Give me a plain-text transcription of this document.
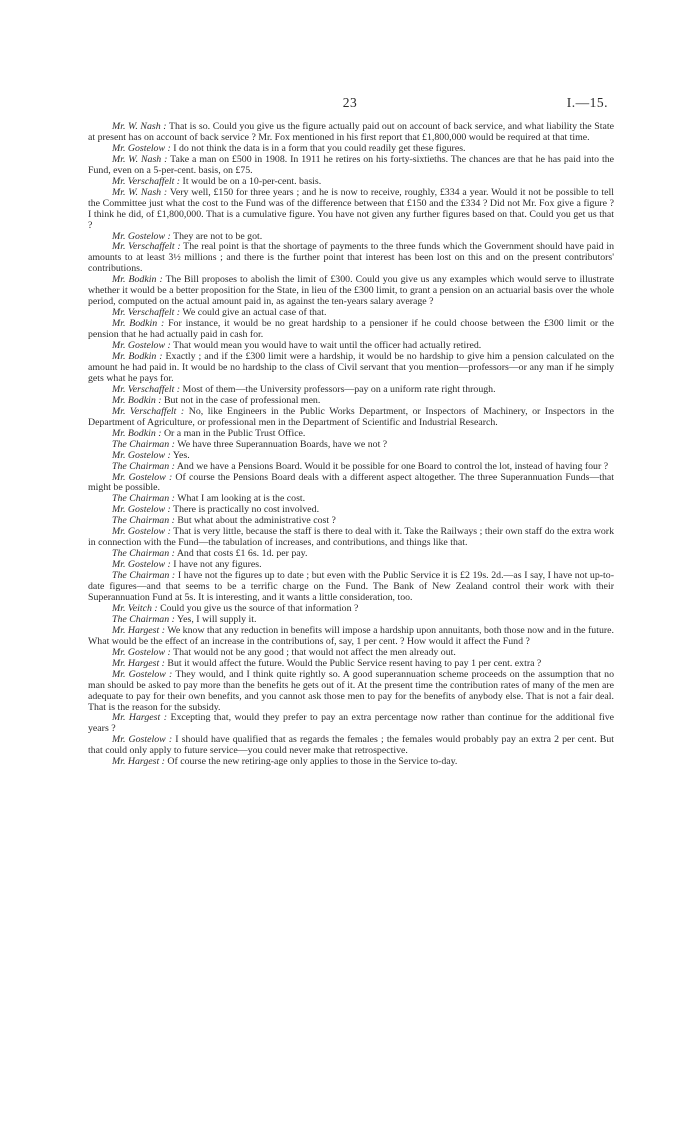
23	I.—15.

Mr. W. Nash : That is so. Could you give us the figure actually paid out on account of back service, and what liability the State at present has on account of back service ? Mr. Fox mentioned in his first report that £1,800,000 would be required at that time.

Mr. Gostelow : I do not think the data is in a form that you could readily get these figures.

Mr. W. Nash : Take a man on £500 in 1908. In 1911 he retires on his forty-sixtieths. The chances are that he has paid into the Fund, even on a 5-per-cent. basis, on £75.

Mr. Verschaffelt : It would be on a 10-per-cent. basis.

Mr. W. Nash : Very well, £150 for three years ; and he is now to receive, roughly, £334 a year. Would it not be possible to tell the Committee just what the cost to the Fund was of the difference between that £150 and the £334 ? Did not Mr. Fox give a figure ? I think he did, of £1,800,000. That is a cumulative figure. You have not given any further figures based on that. Could you get us that ?

Mr. Gostelow : They are not to be got.

Mr. Verschaffelt : The real point is that the shortage of payments to the three funds which the Government should have paid in amounts to at least 3½ millions ; and there is the further point that interest has been lost on this and on the present contributors' contributions.

Mr. Bodkin : The Bill proposes to abolish the limit of £300. Could you give us any examples which would serve to illustrate whether it would be a better proposition for the State, in lieu of the £300 limit, to grant a pension on an actuarial basis over the whole period, computed on the actual amount paid in, as against the ten-years salary average ?

Mr. Verschaffelt : We could give an actual case of that.

Mr. Bodkin : For instance, it would be no great hardship to a pensioner if he could choose between the £300 limit or the pension that he had actually paid in cash for.

Mr. Gostelow : That would mean you would have to wait until the officer had actually retired.

Mr. Bodkin : Exactly ; and if the £300 limit were a hardship, it would be no hardship to give him a pension calculated on the amount he had paid in. It would be no hardship to the class of Civil servant that you mention—professors—or any man if he simply gets what he pays for.

Mr. Verschaffelt : Most of them—the University professors—pay on a uniform rate right through.

Mr. Bodkin : But not in the case of professional men.

Mr. Verschaffelt : No, like Engineers in the Public Works Department, or Inspectors of Machinery, or Inspectors in the Department of Agriculture, or professional men in the Department of Scientific and Industrial Research.

Mr. Bodkin : Or a man in the Public Trust Office.

The Chairman : We have three Superannuation Boards, have we not ?

Mr. Gostelow : Yes.

The Chairman : And we have a Pensions Board. Would it be possible for one Board to control the lot, instead of having four ?

Mr. Gostelow : Of course the Pensions Board deals with a different aspect altogether. The three Superannuation Funds—that might be possible.

The Chairman : What I am looking at is the cost.

Mr. Gostelow : There is practically no cost involved.

The Chairman : But what about the administrative cost ?

Mr. Gostelow : That is very little, because the staff is there to deal with it. Take the Railways ; their own staff do the extra work in connection with the Fund—the tabulation of increases, and contributions, and things like that.

The Chairman : And that costs £1 6s. 1d. per pay.

Mr. Gostelow : I have not any figures.

The Chairman : I have not the figures up to date ; but even with the Public Service it is £2 19s. 2d.—as I say, I have not up-to-date figures—and that seems to be a terrific charge on the Fund. The Bank of New Zealand control their work with their Superannuation Fund at 5s. It is interesting, and it wants a little consideration, too.

Mr. Veitch : Could you give us the source of that information ?

The Chairman : Yes, I will supply it.

Mr. Hargest : We know that any reduction in benefits will impose a hardship upon annuitants, both those now and in the future. What would be the effect of an increase in the contributions of, say, 1 per cent. ? How would it affect the Fund ?

Mr. Gostelow : That would not be any good ; that would not affect the men already out.

Mr. Hargest : But it would affect the future. Would the Public Service resent having to pay 1 per cent. extra ?

Mr. Gostelow : They would, and I think quite rightly so. A good superannuation scheme proceeds on the assumption that no man should be asked to pay more than the benefits he gets out of it. At the present time the contribution rates of many of the men are adequate to pay for their own benefits, and you cannot ask those men to pay for the benefits of anybody else. That is not a fair deal. That is the reason for the subsidy.

Mr. Hargest : Excepting that, would they prefer to pay an extra percentage now rather than continue for the additional five years ?

Mr. Gostelow : I should have qualified that as regards the females ; the females would probably pay an extra 2 per cent. But that could only apply to future service—you could never make that retrospective.

Mr. Hargest : Of course the new retiring-age only applies to those in the Service to-day.
